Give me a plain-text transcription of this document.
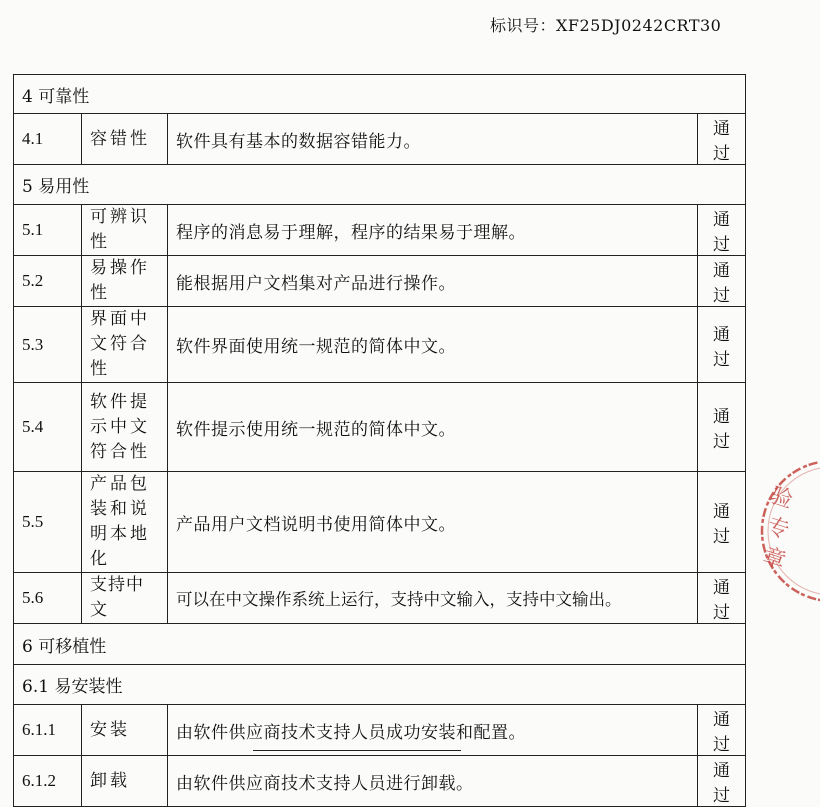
标识号：XF25DJ0242CRT30
4 可靠性			
4.1	容错性	软件具有基本的数据容错能力。	通过
5 易用性			
5.1	可辨识性	程序的消息易于理解，程序的结果易于理解。	通过
5.2	易操作性	能根据用户文档集对产品进行操作。	通过
5.3	界面中文符合性	软件界面使用统一规范的简体中文。	通过
5.4	软件提示中文符合性	软件提示使用统一规范的简体中文。	通过
5.5	产品包装和说明本地化	产品用户文档说明书使用简体中文。	通过
5.6	支持中文	可以在中文操作系统上运行，支持中文输入，支持中文输出。	通过
6 可移植性			
6.1 易安装性			
6.1.1	安装	由软件供应商技术支持人员成功安装和配置。	通过
6.1.2	卸载	由软件供应商技术支持人员进行卸载。	通过
验专章
